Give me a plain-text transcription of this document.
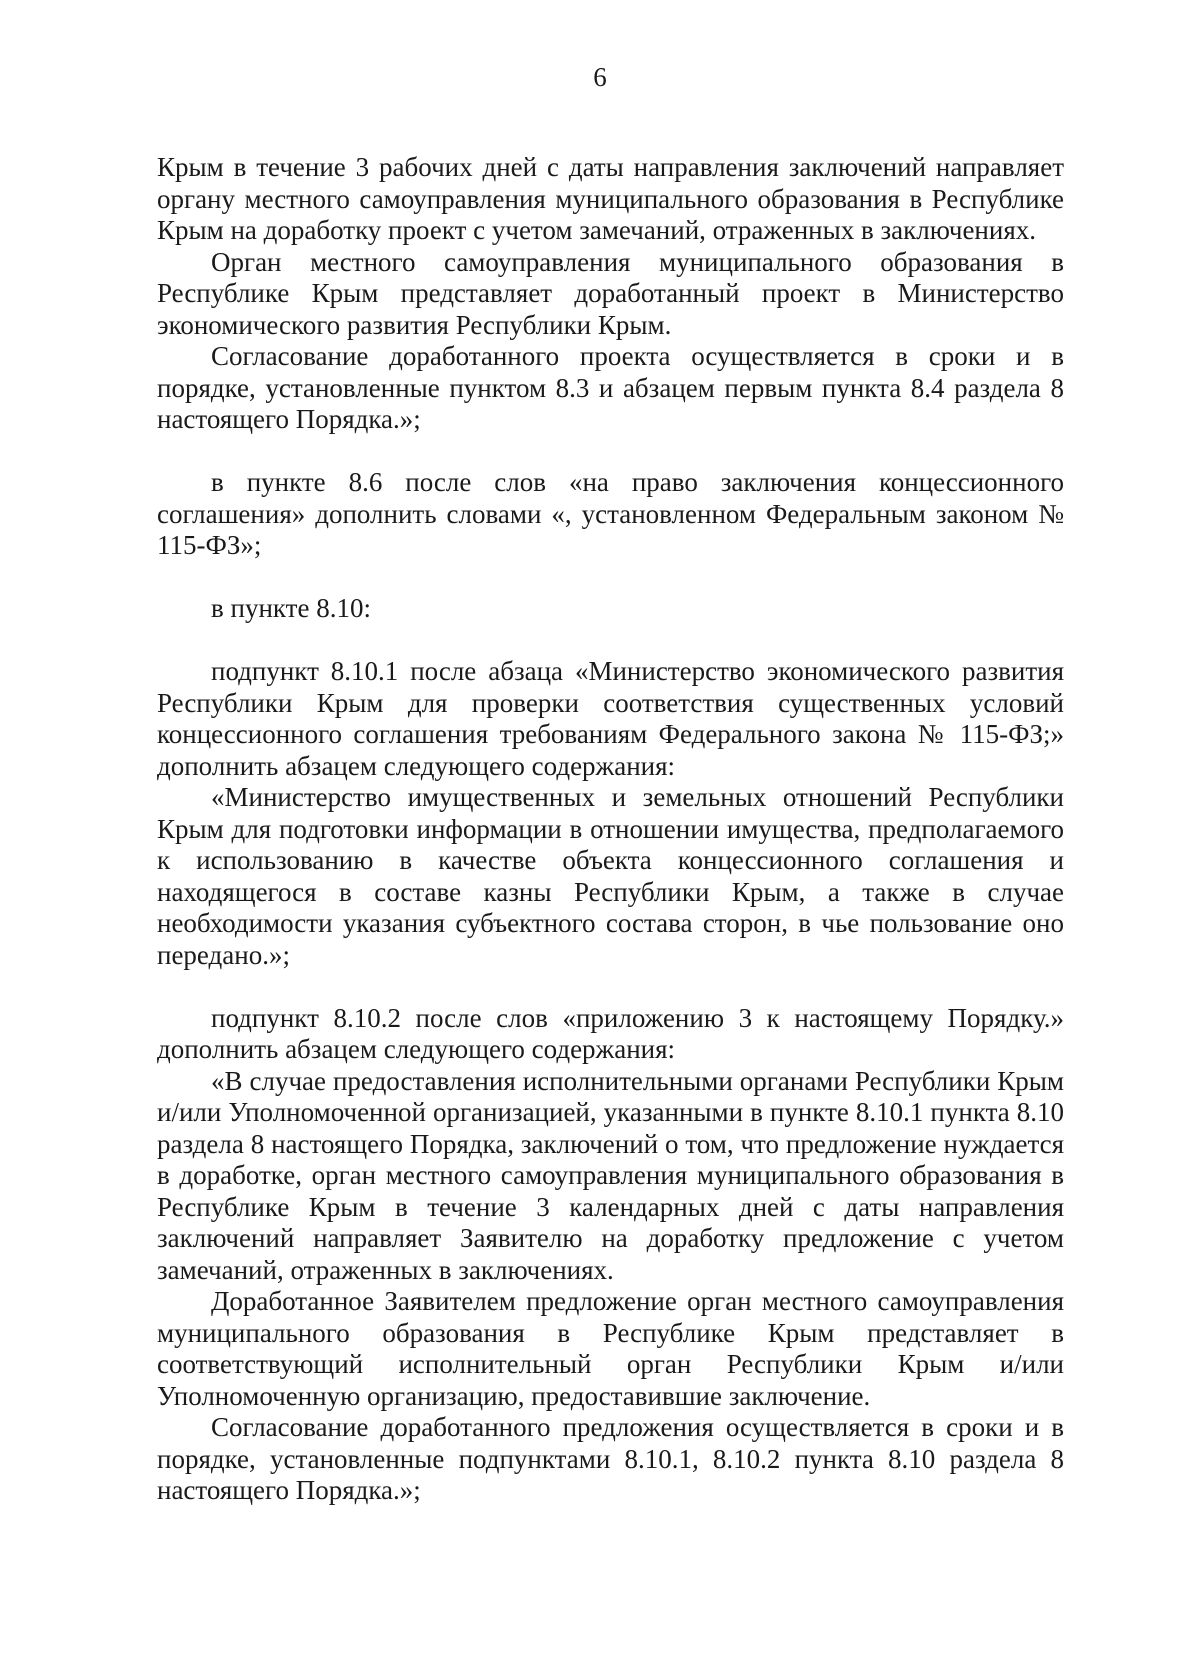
6

Крым в течение 3 рабочих дней с даты направления заключений направляет органу местного самоуправления муниципального образования в Республике Крым на доработку проект с учетом замечаний, отраженных в заключениях.

Орган местного самоуправления муниципального образования в Республике Крым представляет доработанный проект в Министерство экономического развития Республики Крым.

Согласование доработанного проекта осуществляется в сроки и в порядке, установленные пунктом 8.3 и абзацем первым пункта 8.4 раздела 8 настоящего Порядка.»;

в пункте 8.6 после слов «на право заключения концессионного соглашения» дополнить словами «, установленном Федеральным законом № 115-ФЗ»;

в пункте 8.10:

подпункт 8.10.1 после абзаца «Министерство экономического развития Республики Крым для проверки соответствия существенных условий концессионного соглашения требованиям Федерального закона № 115-ФЗ;» дополнить абзацем следующего содержания:

«Министерство имущественных и земельных отношений Республики Крым для подготовки информации в отношении имущества, предполагаемого к использованию в качестве объекта концессионного соглашения и находящегося в составе казны Республики Крым, а также в случае необходимости указания субъектного состава сторон, в чье пользование оно передано.»;

подпункт 8.10.2 после слов «приложению 3 к настоящему Порядку.» дополнить абзацем следующего содержания:

«В случае предоставления исполнительными органами Республики Крым и/или Уполномоченной организацией, указанными в пункте 8.10.1 пункта 8.10 раздела 8 настоящего Порядка, заключений о том, что предложение нуждается в доработке, орган местного самоуправления муниципального образования в Республике Крым в течение 3 календарных дней с даты направления заключений направляет Заявителю на доработку предложение с учетом замечаний, отраженных в заключениях.

Доработанное Заявителем предложение орган местного самоуправления муниципального образования в Республике Крым представляет в соответствующий исполнительный орган Республики Крым и/или Уполномоченную организацию, предоставившие заключение.

Согласование доработанного предложения осуществляется в сроки и в порядке, установленные подпунктами 8.10.1, 8.10.2 пункта 8.10 раздела 8 настоящего Порядка.»;
